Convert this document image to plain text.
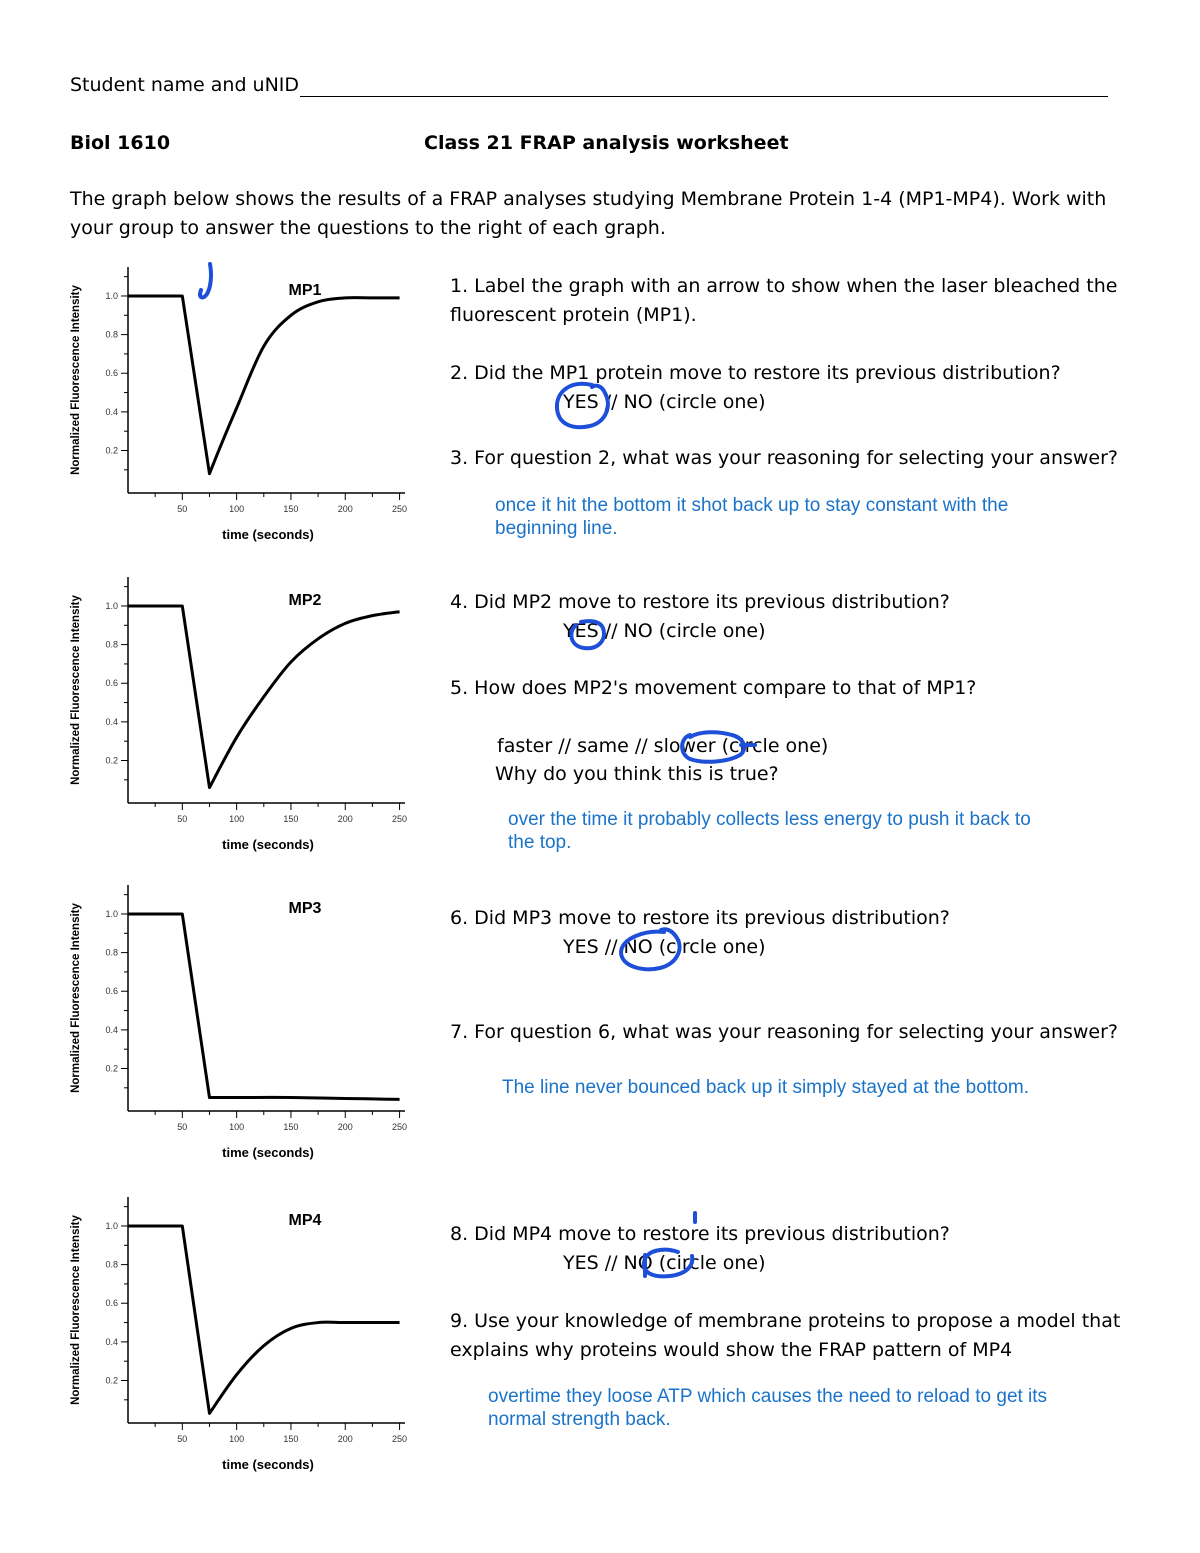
Student name and uNID
Biol 1610	Class 21 FRAP analysis worksheet
The graph below shows the results of a FRAP analyses studying Membrane Protein 1-4 (MP1-MP4). Work with your group to answer the questions to the right of each graph.
1.0
0.8
0.6
0.4
0.2
50	100	150	200	250
Normalized Fluorescence Intensity
time (seconds)
MP1
1.0
0.8
0.6
0.4
0.2
50	100	150	200	250
Normalized Fluorescence Intensity
time (seconds)
MP2
1.0
0.8
0.6
0.4
0.2
50	100	150	200	250
Normalized Fluorescence Intensity
time (seconds)
MP3
1.0
0.8
0.6
0.4
0.2
50	100	150	200	250
Normalized Fluorescence Intensity
time (seconds)
MP4
1. Label the graph with an arrow to show when the laser bleached the
fluorescent protein (MP1).
2. Did the MP1 protein move to restore its previous distribution?
YES // NO (circle one)
3. For question 2, what was your reasoning for selecting your answer?
once it hit the bottom it shot back up to stay constant with the beginning line.
4. Did MP2 move to restore its previous distribution?
YES // NO (circle one)
5. How does MP2's movement compare to that of MP1?
faster // same // slower (circle one)
Why do you think this is true?
over the time it probably collects less energy to push it back to the top.
6. Did MP3 move to restore its previous distribution?
YES // NO (circle one)
7. For question 6, what was your reasoning for selecting your answer?
The line never bounced back up it simply stayed at the bottom.
8. Did MP4 move to restore its previous distribution?
YES // NO (circle one)
9. Use your knowledge of membrane proteins to propose a model that
explains why proteins would show the FRAP pattern of MP4
overtime they loose ATP which causes the need to reload to get its normal strength back.
